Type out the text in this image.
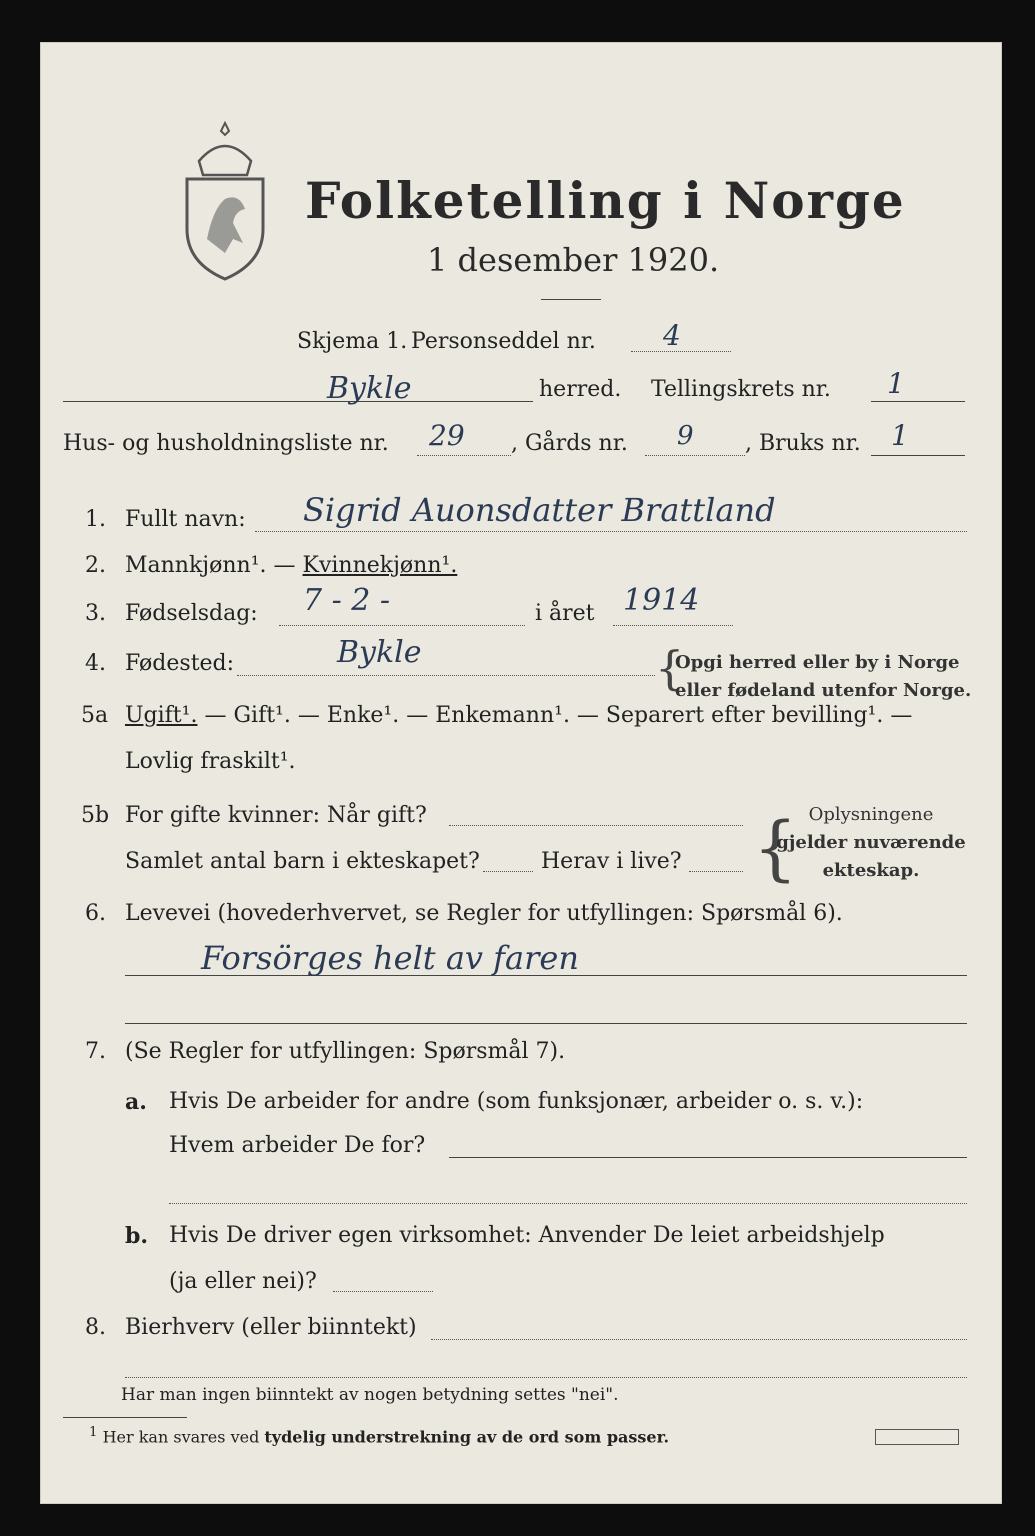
Folketelling i Norge
1 desember 1920.
Skjema 1. Personseddel nr. 4
Bykle	herred. Tellingskrets nr. 1
Hus- og husholdningsliste nr. 29 , Gårds nr. 9 , Bruks nr. 1
1. Fullt navn: Sigrid Auonsdatter Brattland
2. Mannkjønn¹. — Kvinnekjønn¹.
3. Fødselsdag: 7 - 2 -	i året 1914
4. Fødested:	Bykle	{
Opgi herred eller by i Norge
eller fødeland utenfor Norge.
5a Ugift¹. — Gift¹. — Enke¹. — Enkemann¹. — Separert efter bevilling¹. —
Lovlig fraskilt¹.
5b For gifte kvinner: Når gift?
Samlet antal barn i ekteskapet?	Herav i live? { Oplysningene
gjelder nuværende
ekteskap.
6. Levevei (hovederhvervet, se Regler for utfyllingen: Spørsmål 6).
Forsörges helt av faren
7. (Se Regler for utfyllingen: Spørsmål 7).
a. Hvis De arbeider for andre (som funksjonær, arbeider o. s. v.):
Hvem arbeider De for?
b. Hvis De driver egen virksomhet: Anvender De leiet arbeidshjelp
(ja eller nei)?
8. Bierhverv (eller biinntekt)
Har man ingen biinntekt av nogen betydning settes "nei".
$^1$ Her kan svares ved tydelig understrekning av de ord som passer.
